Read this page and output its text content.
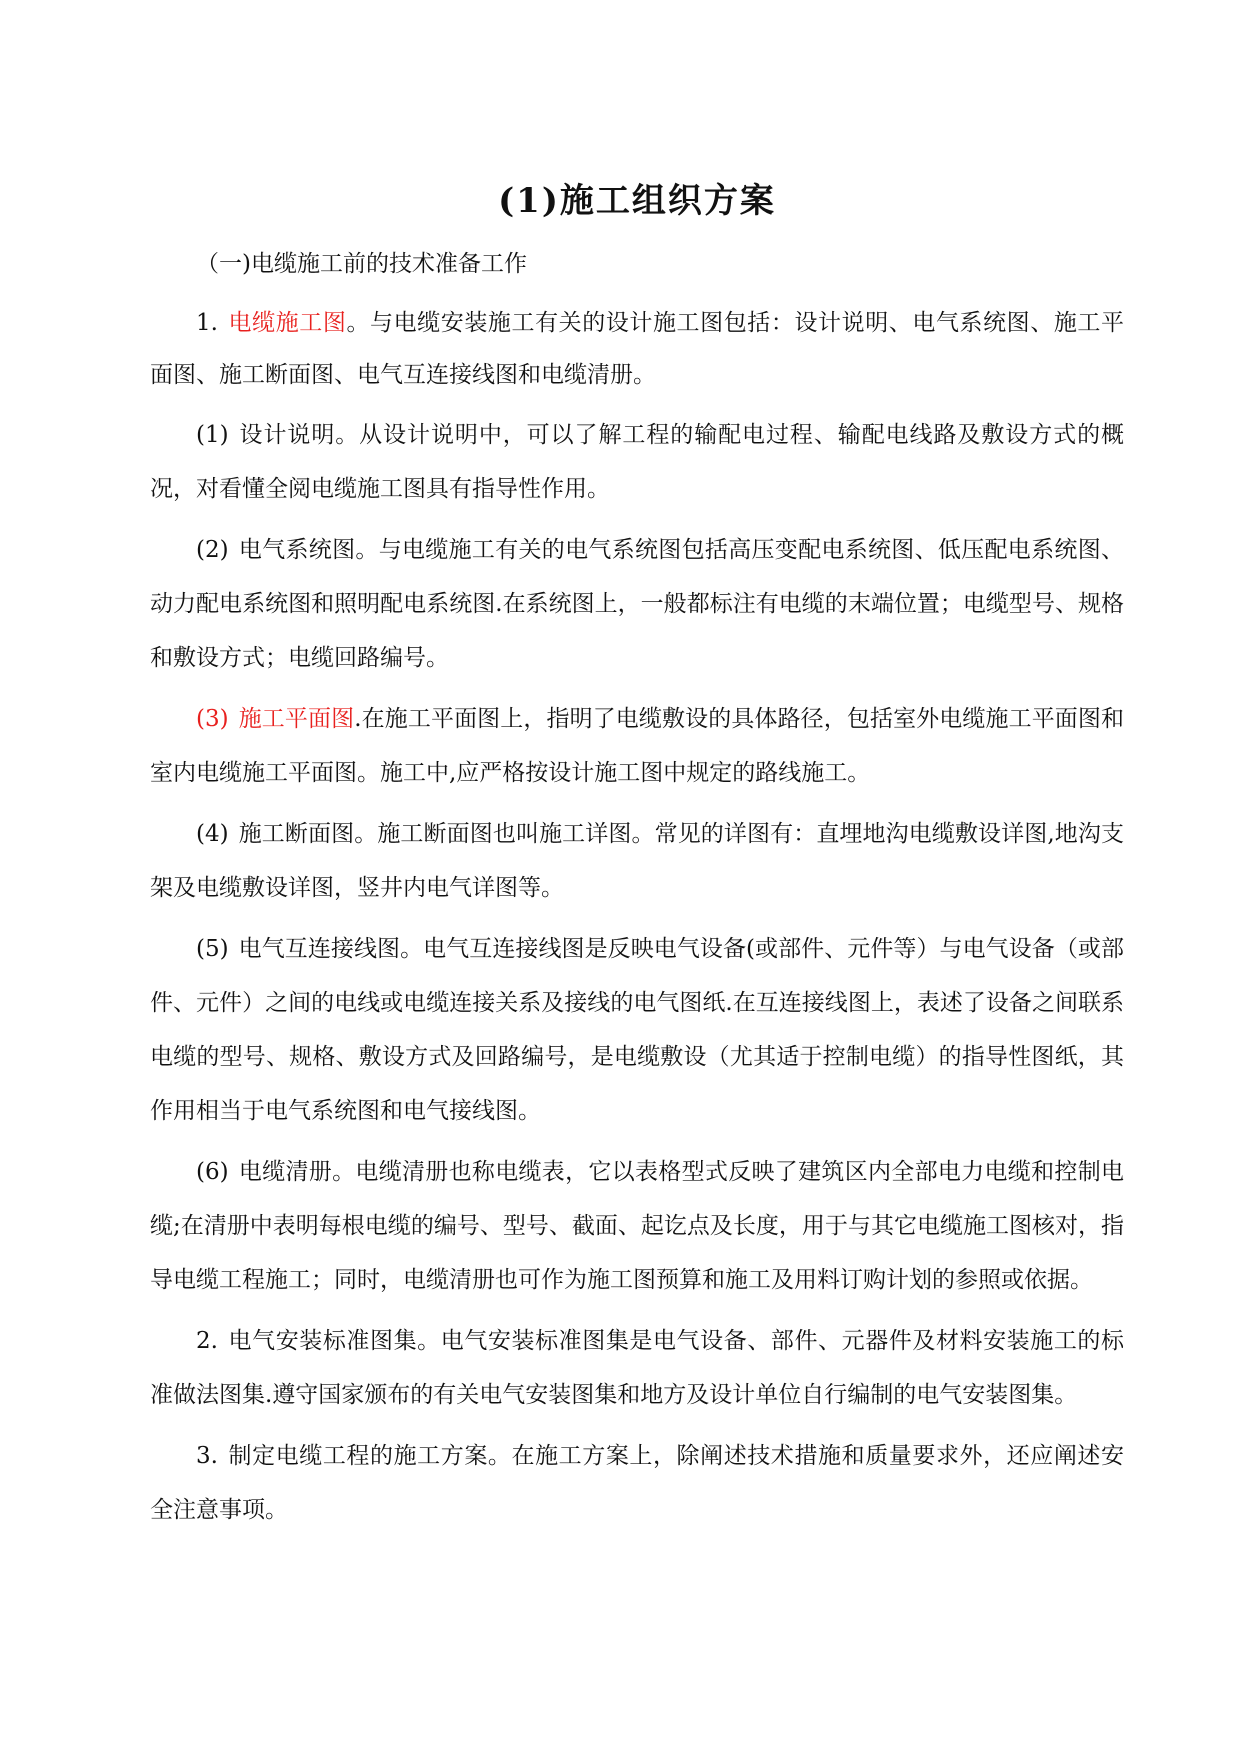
(1)施工组织方案

（一)电缆施工前的技术准备工作

1. 电缆施工图。与电缆安装施工有关的设计施工图包括：设计说明、电气系统图、施工平面图、施工断面图、电气互连接线图和电缆清册。

(1) 设计说明。从设计说明中，可以了解工程的输配电过程、输配电线路及敷设方式的概况，对看懂全阅电缆施工图具有指导性作用。

(2) 电气系统图。与电缆施工有关的电气系统图包括高压变配电系统图、低压配电系统图、动力配电系统图和照明配电系统图.在系统图上，一般都标注有电缆的末端位置；电缆型号、规格和敷设方式；电缆回路编号。

(3) 施工平面图.在施工平面图上，指明了电缆敷设的具体路径，包括室外电缆施工平面图和室内电缆施工平面图。施工中,应严格按设计施工图中规定的路线施工。

(4) 施工断面图。施工断面图也叫施工详图。常见的详图有：直埋地沟电缆敷设详图,地沟支架及电缆敷设详图，竖井内电气详图等。

(5) 电气互连接线图。电气互连接线图是反映电气设备(或部件、元件等）与电气设备（或部件、元件）之间的电线或电缆连接关系及接线的电气图纸.在互连接线图上，表述了设备之间联系电缆的型号、规格、敷设方式及回路编号，是电缆敷设（尤其适于控制电缆）的指导性图纸，其作用相当于电气系统图和电气接线图。

(6) 电缆清册。电缆清册也称电缆表，它以表格型式反映了建筑区内全部电力电缆和控制电缆;在清册中表明每根电缆的编号、型号、截面、起讫点及长度，用于与其它电缆施工图核对，指导电缆工程施工；同时，电缆清册也可作为施工图预算和施工及用料订购计划的参照或依据。

2. 电气安装标准图集。电气安装标准图集是电气设备、部件、元器件及材料安装施工的标准做法图集.遵守国家颁布的有关电气安装图集和地方及设计单位自行编制的电气安装图集。

3. 制定电缆工程的施工方案。在施工方案上，除阐述技术措施和质量要求外，还应阐述安全注意事项。
